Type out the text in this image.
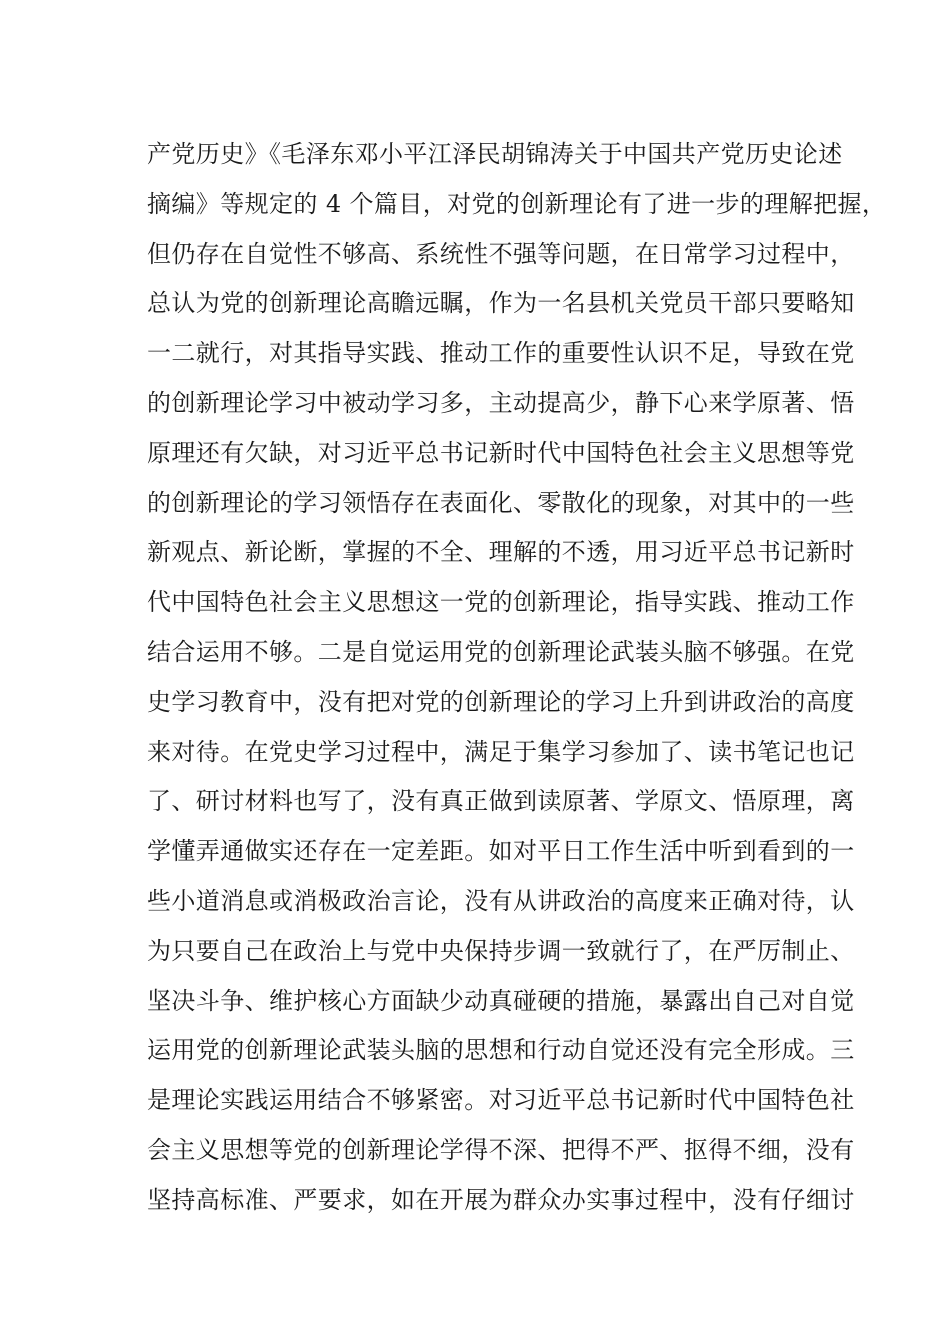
产党历史》《毛泽东邓小平江泽民胡锦涛关于中国共产党历史论述
摘编》等规定的 4 个篇目，对党的创新理论有了进一步的理解把握，
但仍存在自觉性不够高、系统性不强等问题，在日常学习过程中，
总认为党的创新理论高瞻远瞩，作为一名县机关党员干部只要略知
一二就行，对其指导实践、推动工作的重要性认识不足，导致在党
的创新理论学习中被动学习多，主动提高少，静下心来学原著、悟
原理还有欠缺，对习近平总书记新时代中国特色社会主义思想等党
的创新理论的学习领悟存在表面化、零散化的现象，对其中的一些
新观点、新论断，掌握的不全、理解的不透，用习近平总书记新时
代中国特色社会主义思想这一党的创新理论，指导实践、推动工作
结合运用不够。二是自觉运用党的创新理论武装头脑不够强。在党
史学习教育中，没有把对党的创新理论的学习上升到讲政治的高度
来对待。在党史学习过程中，满足于集学习参加了、读书笔记也记
了、研讨材料也写了，没有真正做到读原著、学原文、悟原理，离
学懂弄通做实还存在一定差距。如对平日工作生活中听到看到的一
些小道消息或消极政治言论，没有从讲政治的高度来正确对待，认
为只要自己在政治上与党中央保持步调一致就行了，在严厉制止、
坚决斗争、维护核心方面缺少动真碰硬的措施，暴露出自己对自觉
运用党的创新理论武装头脑的思想和行动自觉还没有完全形成。三
是理论实践运用结合不够紧密。对习近平总书记新时代中国特色社
会主义思想等党的创新理论学得不深、把得不严、抠得不细，没有
坚持高标准、严要求，如在开展为群众办实事过程中，没有仔细讨
